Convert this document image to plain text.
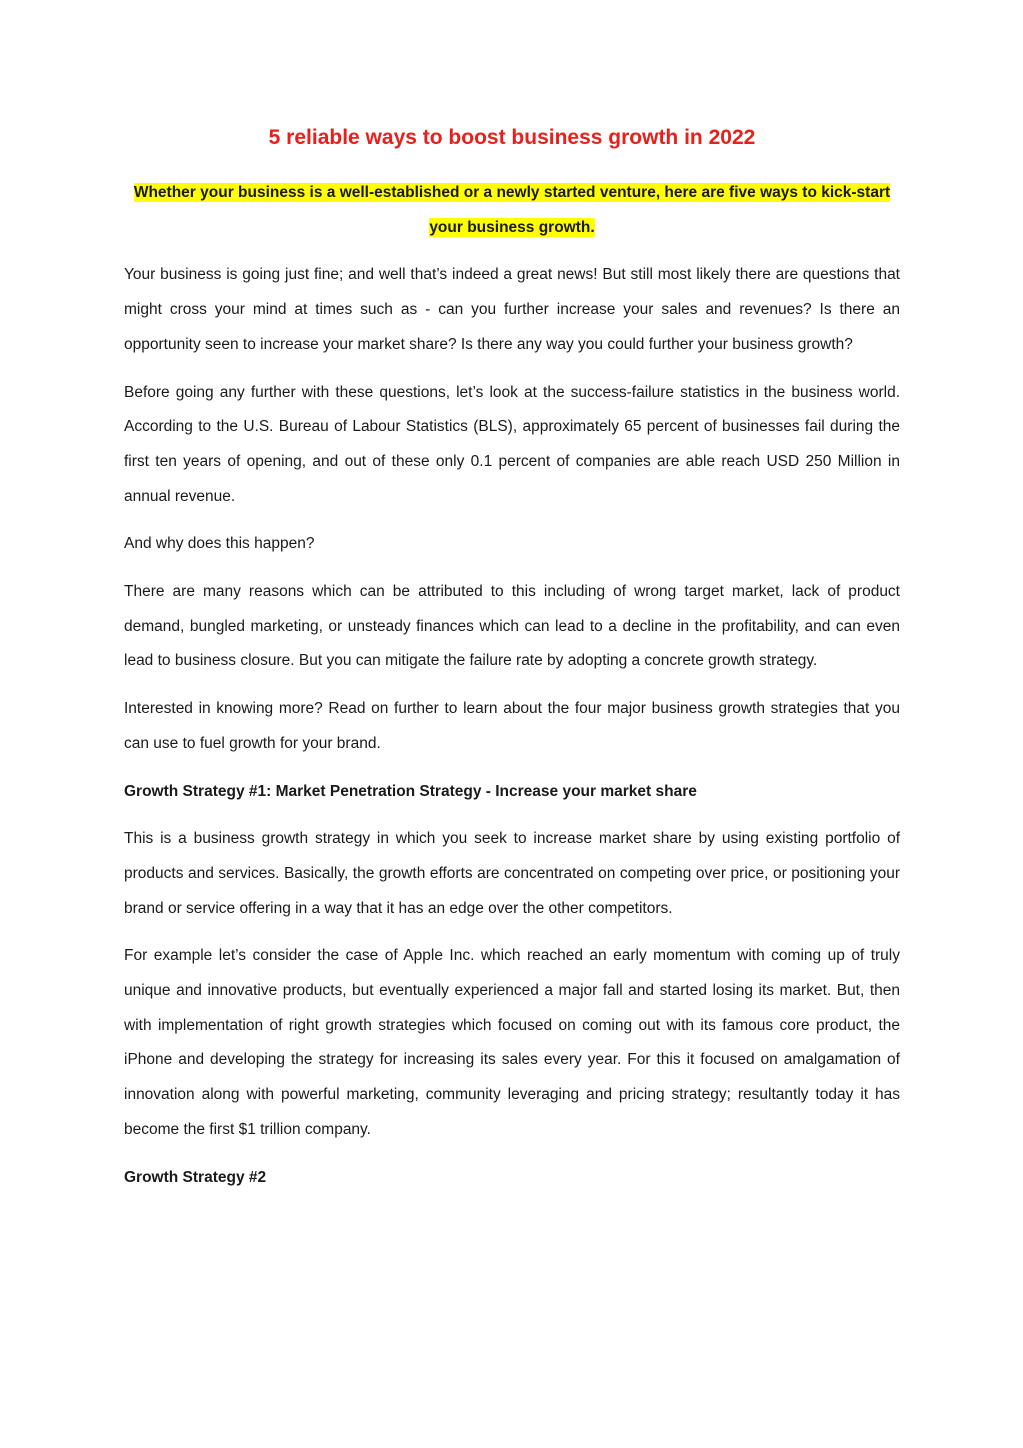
5 reliable ways to boost business growth in 2022

Whether your business is a well-established or a newly started venture, here are five ways to kick-start your business growth.

Your business is going just fine; and well that’s indeed a great news! But still most likely there are questions that might cross your mind at times such as - can you further increase your sales and revenues? Is there an opportunity seen to increase your market share? Is there any way you could further your business growth?

Before going any further with these questions, let’s look at the success-failure statistics in the business world. According to the U.S. Bureau of Labour Statistics (BLS), approximately 65 percent of businesses fail during the first ten years of opening, and out of these only 0.1 percent of companies are able reach USD 250 Million in annual revenue.

And why does this happen?

There are many reasons which can be attributed to this including of wrong target market, lack of product demand, bungled marketing, or unsteady finances which can lead to a decline in the profitability, and can even lead to business closure. But you can mitigate the failure rate by adopting a concrete growth strategy.

Interested in knowing more? Read on further to learn about the four major business growth strategies that you can use to fuel growth for your brand.

Growth Strategy #1: Market Penetration Strategy - Increase your market share

This is a business growth strategy in which you seek to increase market share by using existing portfolio of products and services. Basically, the growth efforts are concentrated on competing over price, or positioning your brand or service offering in a way that it has an edge over the other competitors.

For example let’s consider the case of Apple Inc. which reached an early momentum with coming up of truly unique and innovative products, but eventually experienced a major fall and started losing its market. But, then with implementation of right growth strategies which focused on coming out with its famous core product, the iPhone and developing the strategy for increasing its sales every year. For this it focused on amalgamation of innovation along with powerful marketing, community leveraging and pricing strategy; resultantly today it has become the first $1 trillion company.

Growth Strategy #2
